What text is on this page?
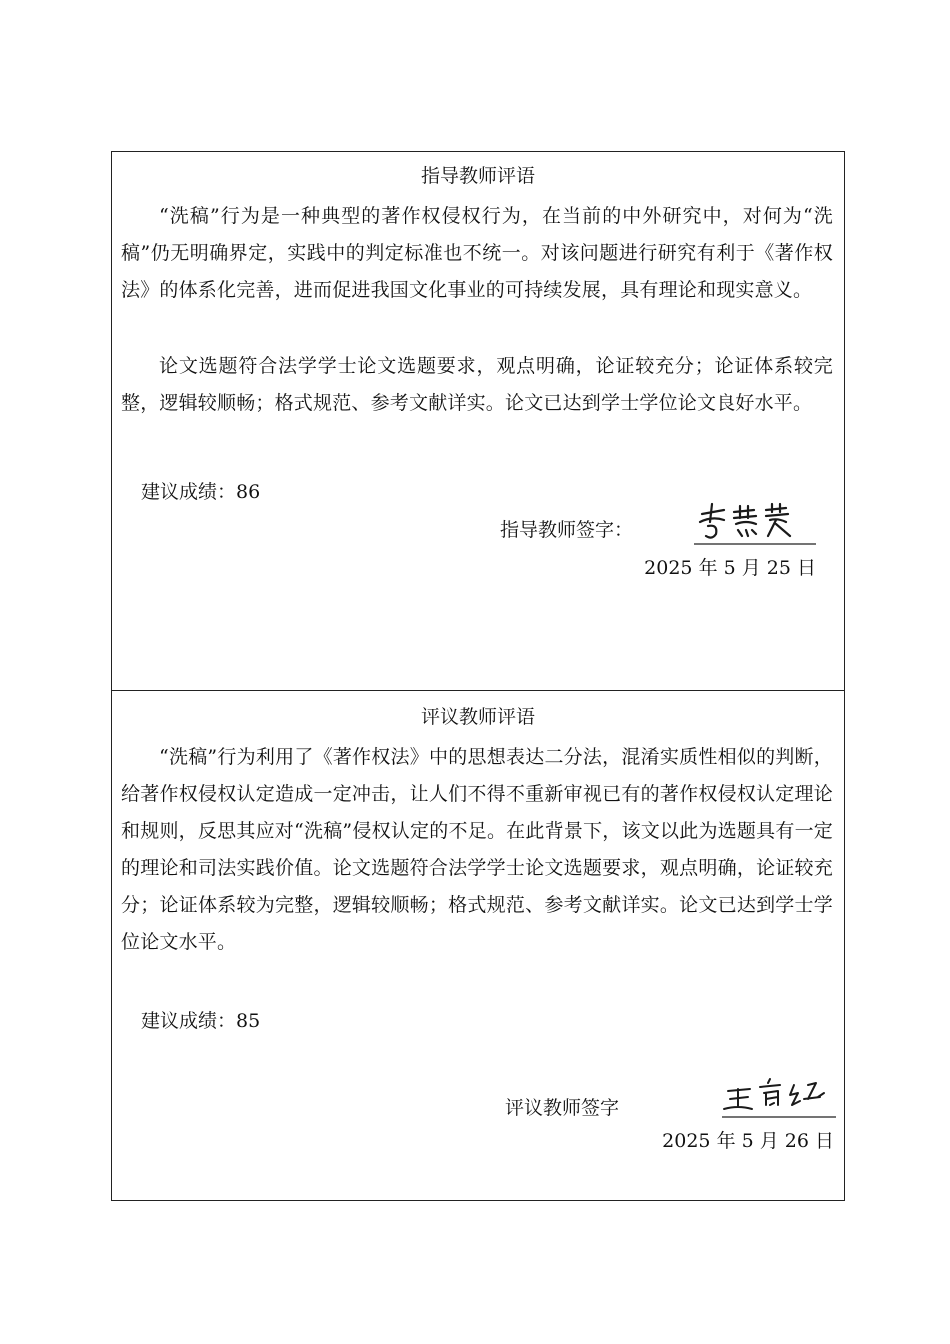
指导教师评语

“洗稿”行为是一种典型的著作权侵权行为，在当前的中外研究中，对何为“洗稿”仍无明确界定，实践中的判定标准也不统一。对该问题进行研究有利于《著作权法》的体系化完善，进而促进我国文化事业的可持续发展，具有理论和现实意义。

论文选题符合法学学士论文选题要求，观点明确，论证较充分；论证体系较完整，逻辑较顺畅；格式规范、参考文献详实。论文已达到学士学位论文良好水平。

建议成绩：86
指导教师签字：
2025 年 5 月 25 日
评议教师评语

“洗稿”行为利用了《著作权法》中的思想表达二分法，混淆实质性相似的判断，给著作权侵权认定造成一定冲击，让人们不得不重新审视已有的著作权侵权认定理论和规则，反思其应对“洗稿”侵权认定的不足。在此背景下，该文以此为选题具有一定的理论和司法实践价值。论文选题符合法学学士论文选题要求，观点明确，论证较充分；论证体系较为完整，逻辑较顺畅；格式规范、参考文献详实。论文已达到学士学位论文水平。

建议成绩：85
评议教师签字
2025 年 5 月 26 日
